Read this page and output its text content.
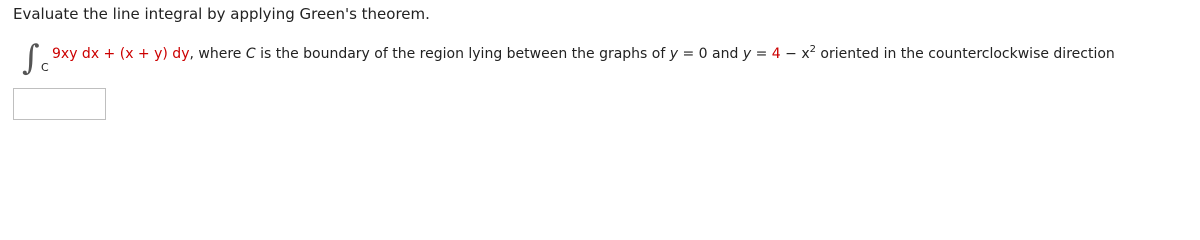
Evaluate the line integral by applying Green's theorem.
∫ C
9xy dx + (x + y) dy, where C is the boundary of the region lying between the graphs of y = 0 and $y = 4 - x^2$ oriented in the counterclockwise direction
